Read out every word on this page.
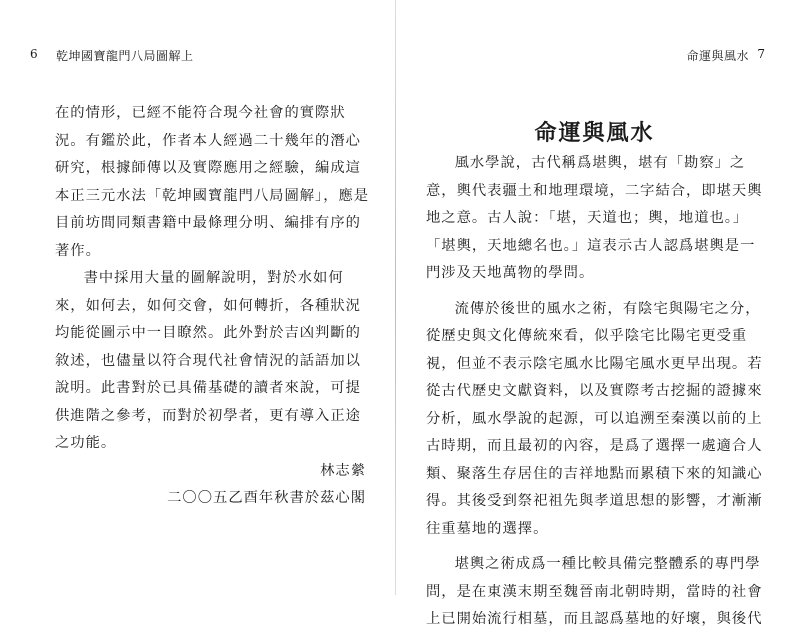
6 乾坤國寶龍門八局圖解上

在的情形，已經不能符合現今社會的實際狀況。有鑑於此，作者本人經過二十幾年的潛心研究，根據師傳以及實際應用之經驗，編成這本正三元水法「乾坤國寶龍門八局圖解」，應是目前坊間同類書籍中最條理分明、編排有序的著作。

書中採用大量的圖解說明，對於水如何來，如何去，如何交會，如何轉折，各種狀況均能從圖示中一目瞭然。此外對於吉凶判斷的敘述，也儘量以符合現代社會情況的話語加以說明。此書對於已具備基礎的讀者來說，可提供進階之參考，而對於初學者，更有導入正途之功能。

林志縈
二〇〇五乙酉年秋書於茲心閣
命運與風水 7
命運與風水

風水學說，古代稱爲堪輿，堪有「勘察」之意，輿代表疆土和地理環境，二字結合，即堪天輿地之意。古人說：「堪，天道也；輿，地道也。」「堪輿，天地總名也。」這表示古人認爲堪輿是一門涉及天地萬物的學問。

流傳於後世的風水之術，有陰宅與陽宅之分，從歷史與文化傳統來看，似乎陰宅比陽宅更受重視，但並不表示陰宅風水比陽宅風水更早出現。若從古代歷史文獻資料，以及實際考古挖掘的證據來分析，風水學說的起源，可以追溯至秦漢以前的上古時期，而且最初的內容，是爲了選擇一處適合人類、聚落生存居住的吉祥地點而累積下來的知識心得。其後受到祭祀祖先與孝道思想的影響，才漸漸往重墓地的選擇。

堪輿之術成爲一種比較具備完整體系的專門學問，是在東漢末期至魏晉南北朝時期，當時的社會上已開始流行相墓，而且認爲墓地的好壞，與後代
